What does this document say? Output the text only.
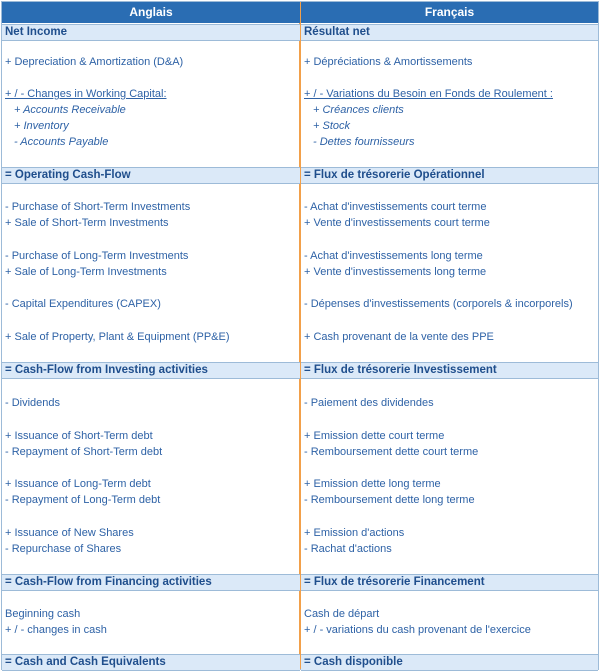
Anglais
Net Income
+ Depreciation & Amortization (D&A)
+ / - Changes in Working Capital:
+ Accounts Receivable
+ Inventory
- Accounts Payable
= Operating Cash-Flow
- Purchase of Short-Term Investments
+ Sale of Short-Term Investments
- Purchase of Long-Term Investments
+ Sale of Long-Term Investments
- Capital Expenditures (CAPEX)
+ Sale of Property, Plant & Equipment (PP&E)
= Cash-Flow from Investing activities
- Dividends
+ Issuance of Short-Term debt
- Repayment of Short-Term debt
+ Issuance of Long-Term debt
- Repayment of Long-Term debt
+ Issuance of New Shares
- Repurchase of Shares
= Cash-Flow from Financing activities
Beginning cash
+ / - changes in cash
= Cash and Cash Equivalents
Français
Résultat net
+ Dépréciations & Amortissements
+ / - Variations du Besoin en Fonds de Roulement :
+ Créances clients
+ Stock
- Dettes fournisseurs
= Flux de trésorerie Opérationnel
- Achat d'investissements court terme
+ Vente d'investissements court terme
- Achat d'investissements long terme
+ Vente d'investissements long terme
- Dépenses d'investissements (corporels & incorporels)
+ Cash provenant de la vente des PPE
= Flux de trésorerie Investissement
- Paiement des dividendes
+ Emission dette court terme
- Remboursement dette court terme
+ Emission dette long terme
- Remboursement dette long terme
+ Emission d'actions
- Rachat d'actions
= Flux de trésorerie Financement
Cash de départ
+ / - variations du cash provenant de l'exercice
= Cash disponible
